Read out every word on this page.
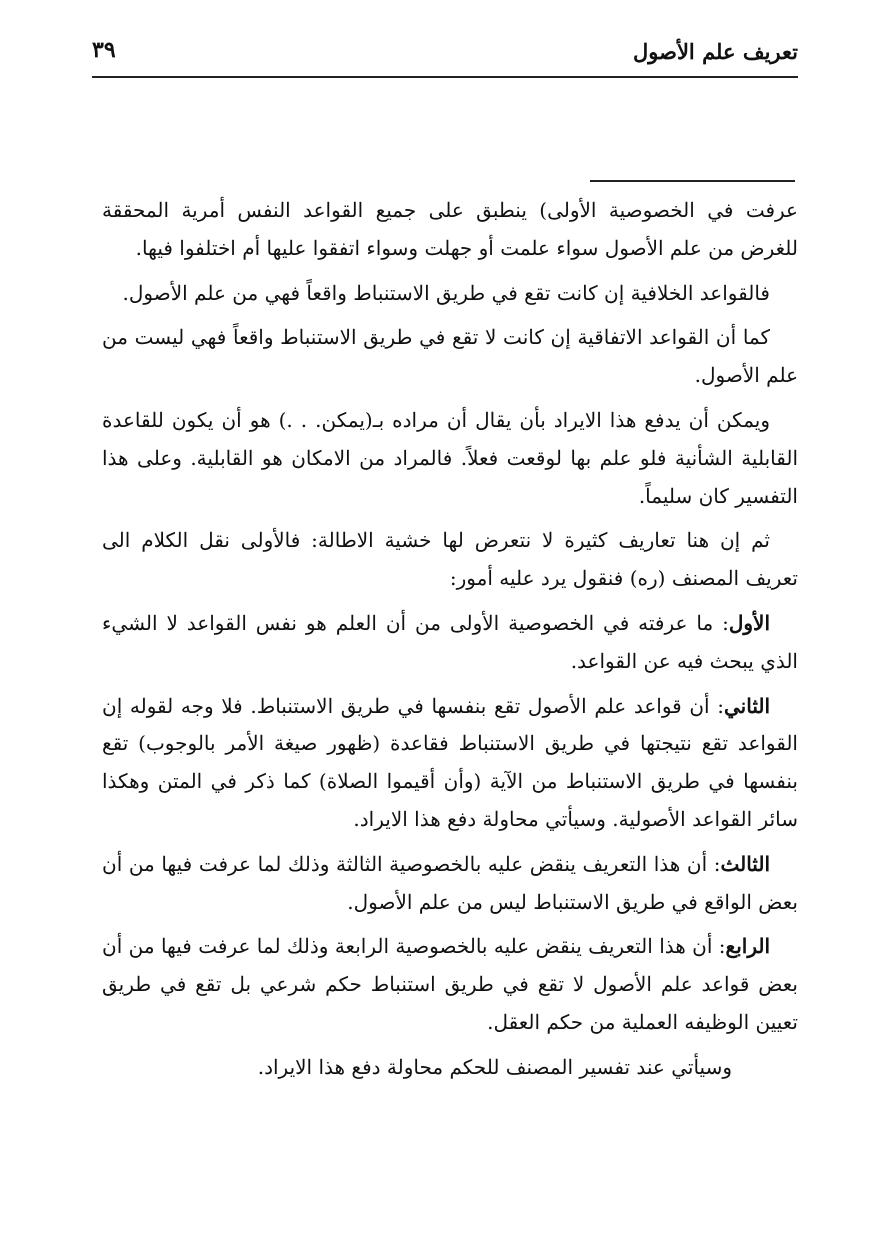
تعريف علم الأصول
٣٩

عرفت في الخصوصية الأولى) ينطبق على جميع القواعد النفس أمرية المحققة للغرض من علم الأصول سواء علمت أو جهلت وسواء اتفقوا عليها أم اختلفوا فيها.

فالقواعد الخلافية إن كانت تقع في طريق الاستنباط واقعاً فهي من علم الأصول.

كما أن القواعد الاتفاقية إن كانت لا تقع في طريق الاستنباط واقعاً فهي ليست من علم الأصول.

ويمكن أن يدفع هذا الايراد بأن يقال أن مراده بـ(يمكن. . .) هو أن يكون للقاعدة القابلية الشأنية فلو علم بها لوقعت فعلاً. فالمراد من الامكان هو القابلية. وعلى هذا التفسير كان سليماً.

ثم إن هنا تعاريف كثيرة لا نتعرض لها خشية الاطالة: فالأولى نقل الكلام الى تعريف المصنف (ره) فنقول يرد عليه أمور:

الأول: ما عرفته في الخصوصية الأولى من أن العلم هو نفس القواعد لا الشيء الذي يبحث فيه عن القواعد.

الثاني: أن قواعد علم الأصول تقع بنفسها في طريق الاستنباط. فلا وجه لقوله إن القواعد تقع نتيجتها في طريق الاستنباط فقاعدة (ظهور صيغة الأمر بالوجوب) تقع بنفسها في طريق الاستنباط من الآية (وأن أقيموا الصلاة) كما ذكر في المتن وهكذا سائر القواعد الأصولية. وسيأتي محاولة دفع هذا الايراد.

الثالث: أن هذا التعريف ينقض عليه بالخصوصية الثالثة وذلك لما عرفت فيها من أن بعض الواقع في طريق الاستنباط ليس من علم الأصول.

الرابع: أن هذا التعريف ينقض عليه بالخصوصية الرابعة وذلك لما عرفت فيها من أن بعض قواعد علم الأصول لا تقع في طريق استنباط حكم شرعي بل تقع في طريق تعيين الوظيفه العملية من حكم العقل.

وسيأتي عند تفسير المصنف للحكم محاولة دفع هذا الايراد.
